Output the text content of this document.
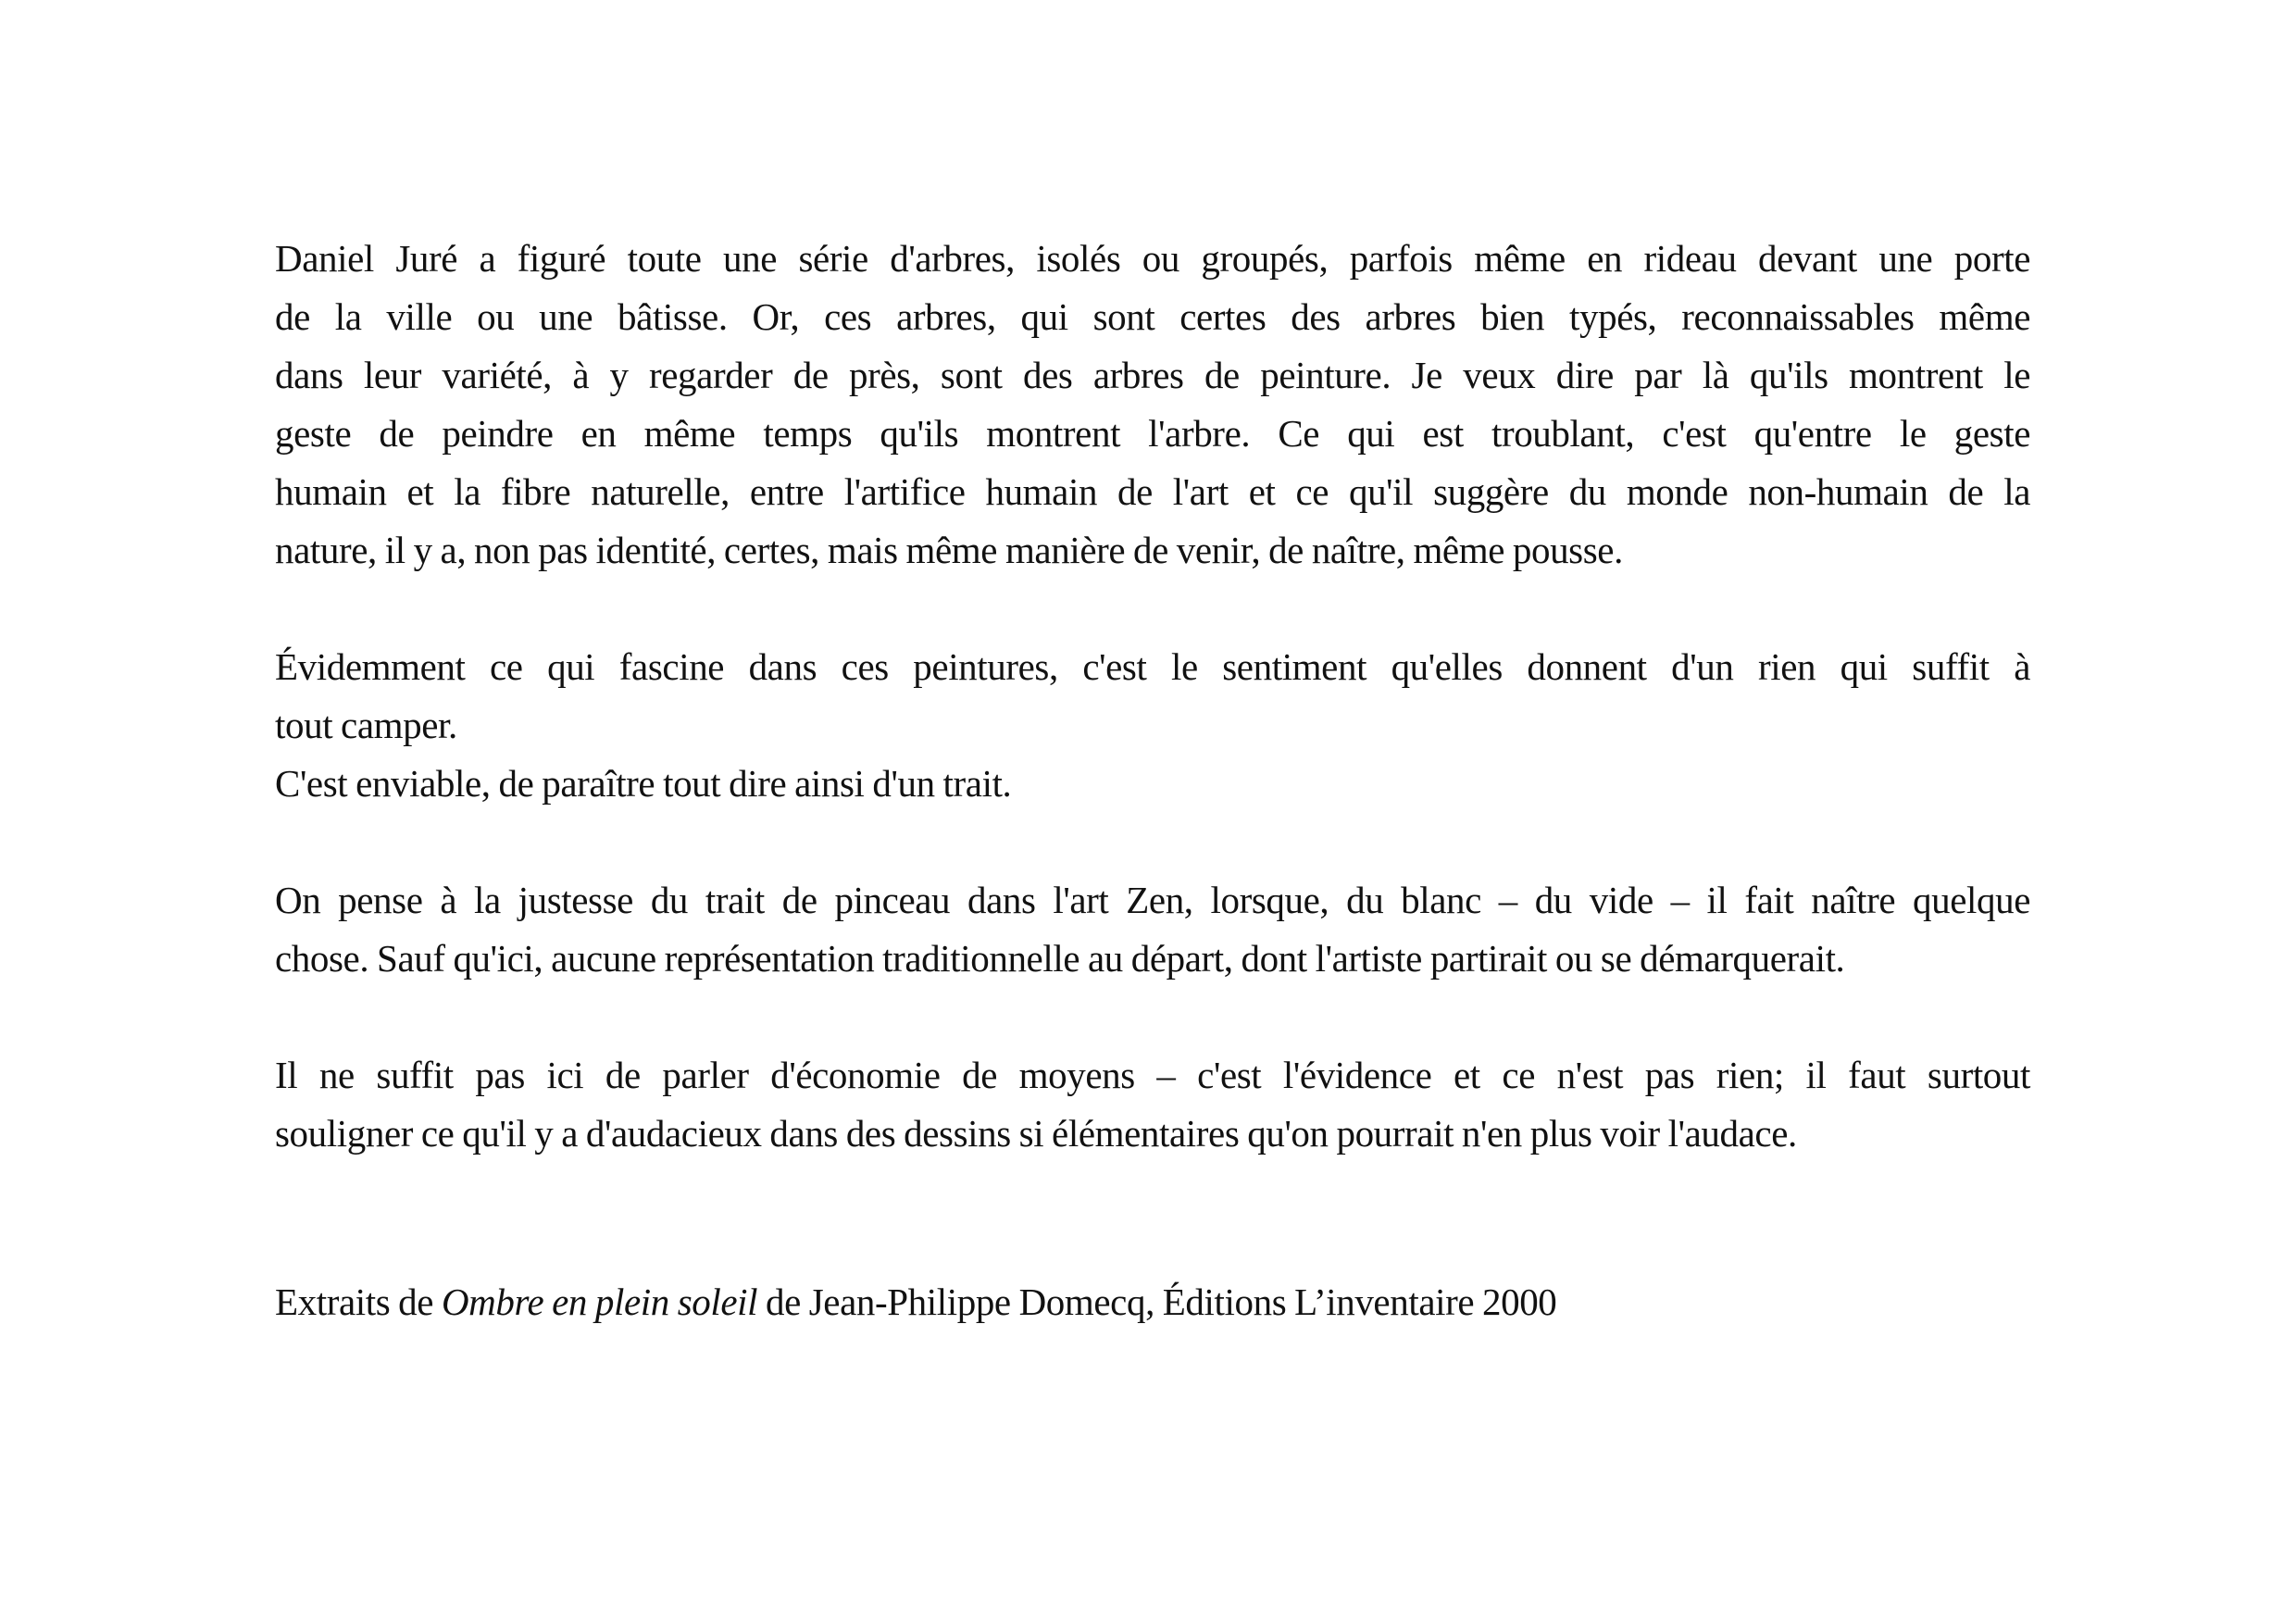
Daniel Juré a figuré toute une série d'arbres, isolés ou groupés, parfois même en rideau devant une porte
de la ville ou une bâtisse. Or, ces arbres, qui sont certes des arbres bien typés, reconnaissables même
dans leur variété, à y regarder de près, sont des arbres de peinture. Je veux dire par là qu'ils montrent le
geste de peindre en même temps qu'ils montrent l'arbre. Ce qui est troublant, c'est qu'entre le geste
humain et la fibre naturelle, entre l'artifice humain de l'art et ce qu'il suggère du monde non-humain de la
nature, il y a, non pas identité, certes, mais même manière de venir, de naître, même pousse.

Évidemment ce qui fascine dans ces peintures, c'est le sentiment qu'elles donnent d'un rien qui suffit à
tout camper.
C'est enviable, de paraître tout dire ainsi d'un trait.

On pense à la justesse du trait de pinceau dans l'art Zen, lorsque, du blanc – du vide – il fait naître quelque
chose. Sauf qu'ici, aucune représentation traditionnelle au départ, dont l'artiste partirait ou se démarquerait.

Il ne suffit pas ici de parler d'économie de moyens – c'est l'évidence et ce n'est pas rien; il faut surtout
souligner ce qu'il y a d'audacieux dans des dessins si élémentaires qu'on pourrait n'en plus voir l'audace.

Extraits de Ombre en plein soleil de Jean-Philippe Domecq, Éditions L’inventaire 2000
